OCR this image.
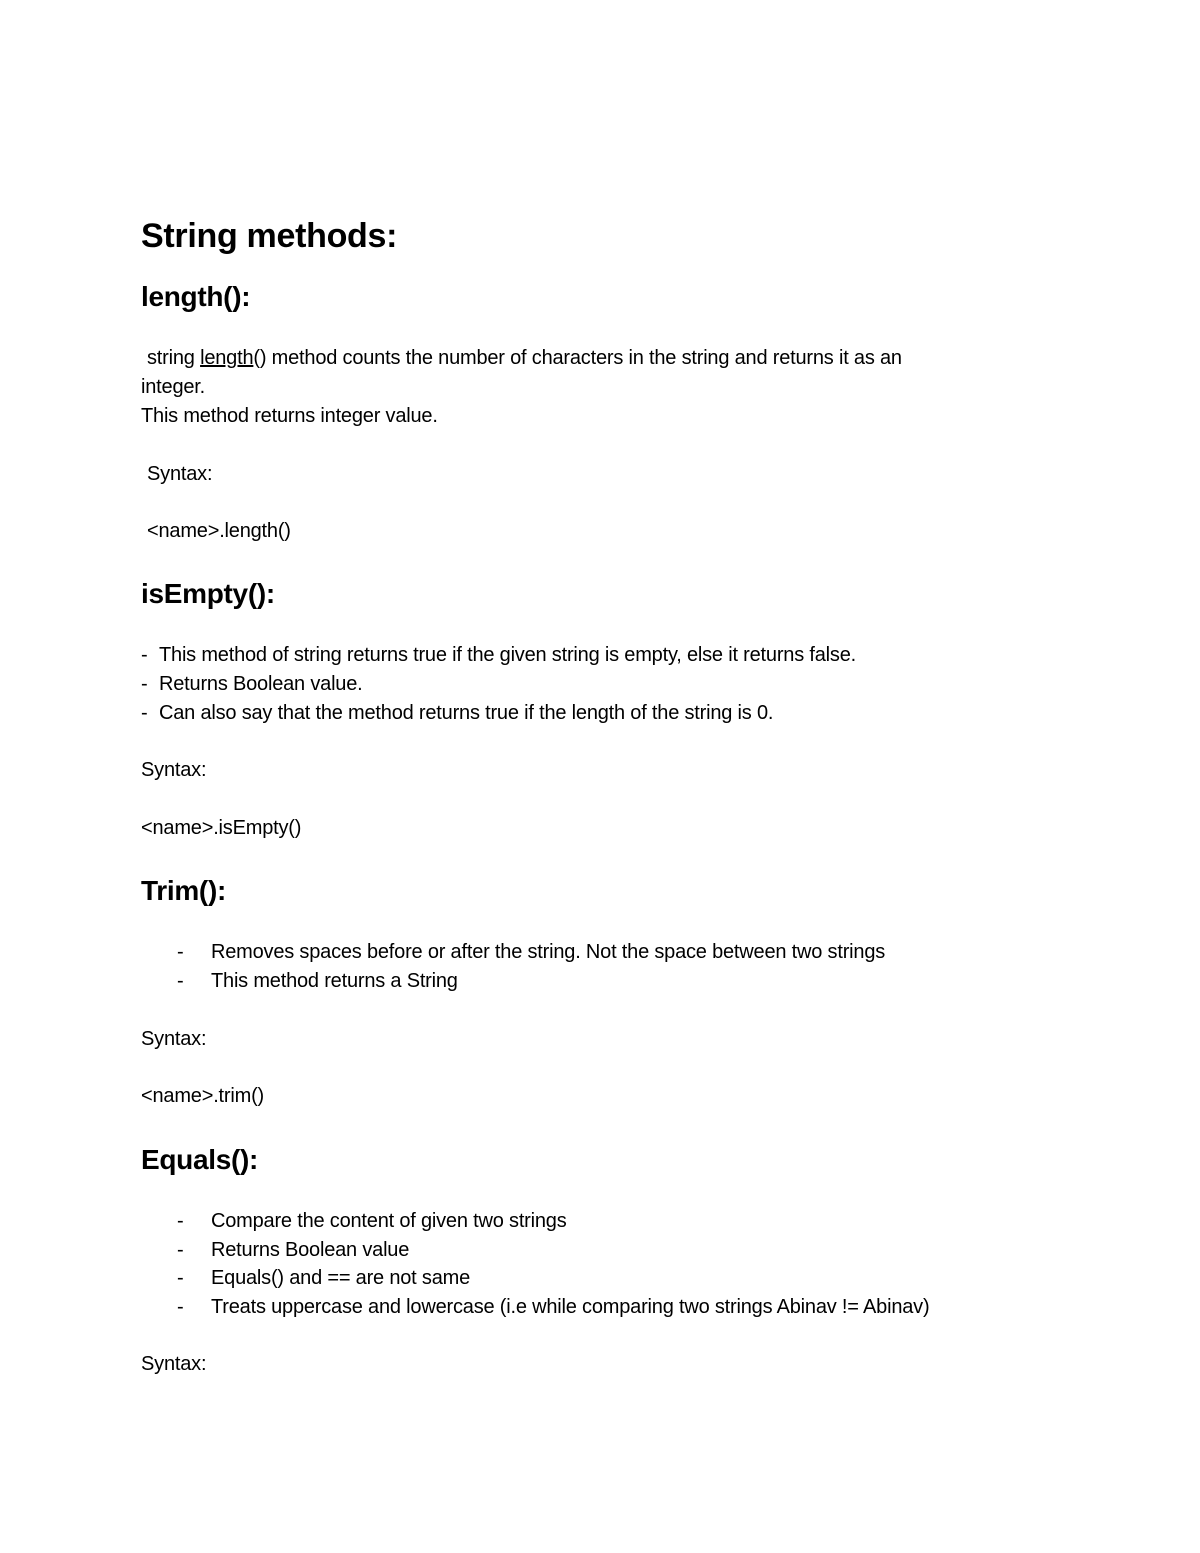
String methods:
length():
string length() method counts the number of characters in the string and returns it as an
integer.
This method returns integer value.
Syntax:
<name>.length()
isEmpty():
- This method of string returns true if the given string is empty, else it returns false.
- Returns Boolean value.
- Can also say that the method returns true if the length of the string is 0.
Syntax:
<name>.isEmpty()
Trim():
- Removes spaces before or after the string. Not the space between two strings
- This method returns a String
Syntax:
<name>.trim()
Equals():
- Compare the content of given two strings
- Returns Boolean value
- Equals() and == are not same
- Treats uppercase and lowercase (i.e while comparing two strings Abinav != Abinav)
Syntax:
